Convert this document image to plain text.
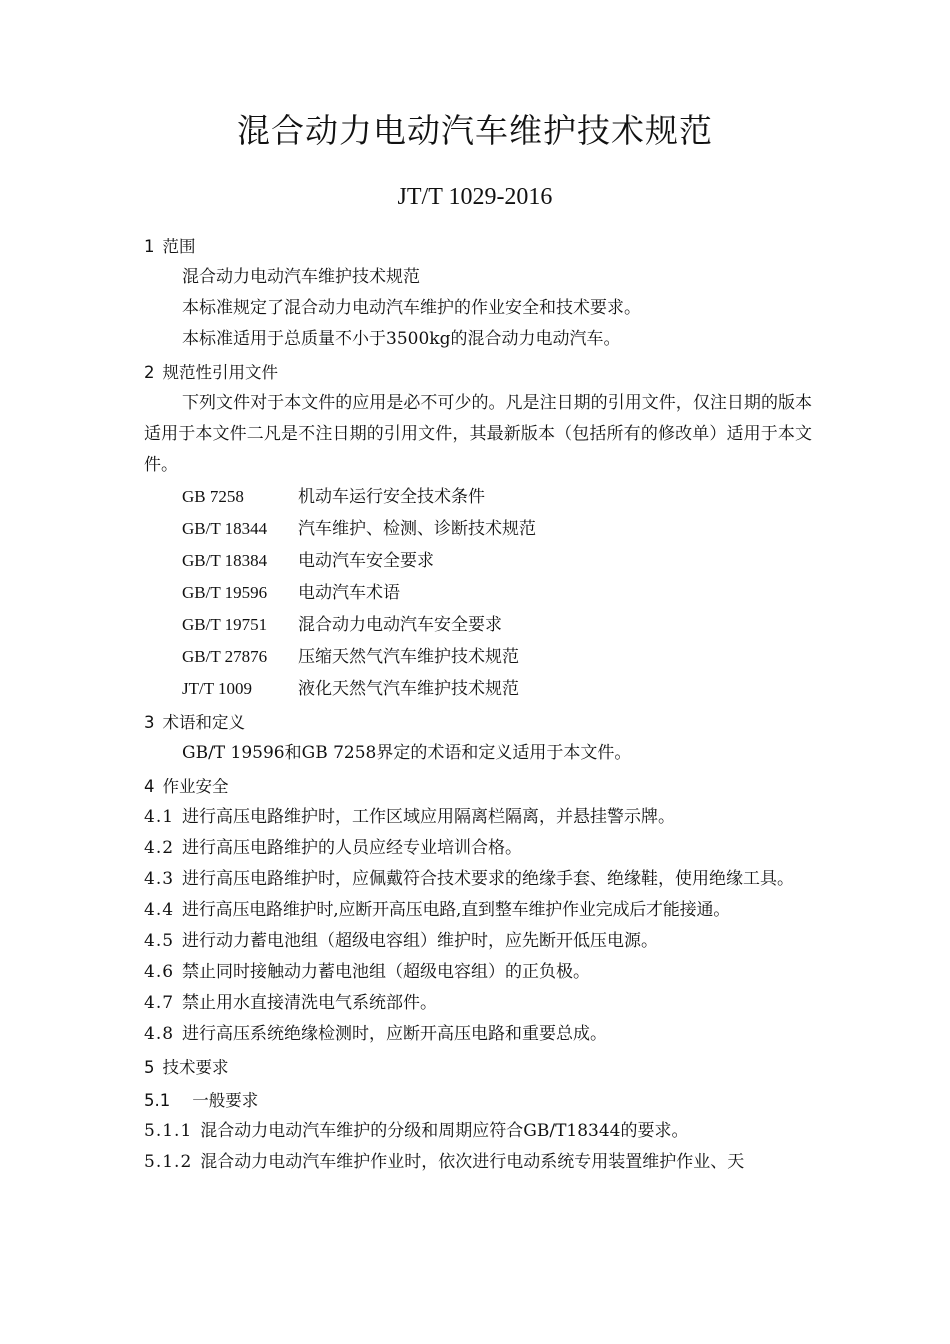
混合动力电动汽车维护技术规范
JT/T 1029-2016
1 范围
混合动力电动汽车维护技术规范
本标准规定了混合动力电动汽车维护的作业安全和技术要求。
本标准适用于总质量不小于3500kg的混合动力电动汽车。
2 规范性引用文件
下列文件对于本文件的应用是必不可少的。凡是注日期的引用文件，仅注日期的版本适用于本文件二凡是不注日期的引用文件，其最新版本（包括所有的修改单）适用于本文件。
GB 7258	机动车运行安全技术条件
GB/T 18344 汽车维护、检测、诊断技术规范
GB/T 18384 电动汽车安全要求
GB/T 19596 电动汽车术语
GB/T 19751 混合动力电动汽车安全要求
GB/T 27876 压缩天然气汽车维护技术规范
JT/T 1009	液化天然气汽车维护技术规范
3 术语和定义
GB/T 19596和GB 7258界定的术语和定义适用于本文件。
4 作业安全
4.1 进行高压电路维护时，工作区域应用隔离栏隔离，并悬挂警示牌。
4.2 进行高压电路维护的人员应经专业培训合格。
4.3 进行高压电路维护时，应佩戴符合技术要求的绝缘手套、绝缘鞋，使用绝缘工具。
4.4 进行高压电路维护时,应断开高压电路,直到整车维护作业完成后才能接通。
4.5 进行动力蓄电池组（超级电容组）维护时，应先断开低压电源。
4.6 禁止同时接触动力蓄电池组（超级电容组）的正负极。
4.7 禁止用水直接清洗电气系统部件。
4.8 进行高压系统绝缘检测时，应断开高压电路和重要总成。
5 技术要求
5.1 一般要求
5.1.1 混合动力电动汽车维护的分级和周期应符合GB/T18344的要求。
5.1.2 混合动力电动汽车维护作业时，依次进行电动系统专用装置维护作业、天
